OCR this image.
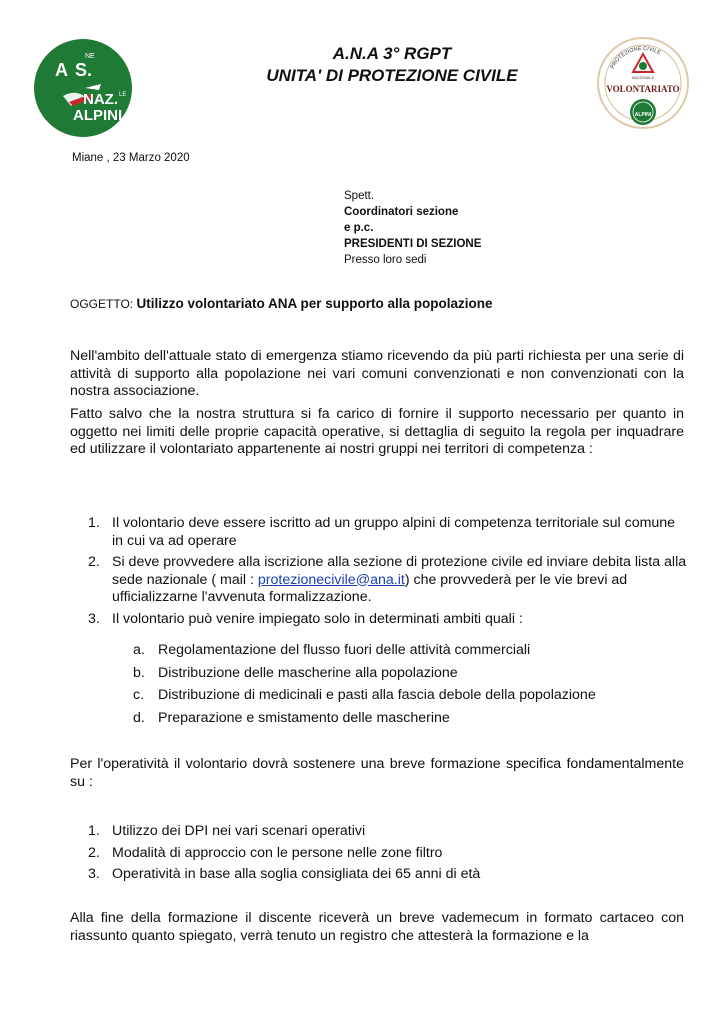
A S.
NE
NAZ. LE
ALPINI
PROTEZIONE CIVILE
VOLONTARIATO
NAZIONALE
ALPINI
A.N.A 3° RGPT
UNITA' DI PROTEZIONE CIVILE
Miane , 23 Marzo 2020
Spett.
Coordinatori sezione
e p.c.
PRESIDENTI DI SEZIONE
Presso loro sedi
OGGETTO: Utilizzo volontariato ANA per supporto alla popolazione
Nell'ambito dell'attuale stato di emergenza stiamo ricevendo da più parti richiesta per una serie di attività di supporto alla popolazione nei vari comuni convenzionati e non convenzionati con la nostra associazione.
Fatto salvo che la nostra struttura si fa carico di fornire il supporto necessario per quanto in oggetto nei limiti delle proprie capacità operative, si dettaglia di seguito la regola per inquadrare ed utilizzare il volontariato appartenente ai nostri gruppi nei territori di competenza :
1. Il volontario deve essere iscritto ad un gruppo alpini di competenza territoriale sul comune in cui va ad operare
2. Si deve provvedere alla iscrizione alla sezione di protezione civile ed inviare debita lista alla sede nazionale ( mail : protezionecivile@ana.it) che provvederà per le vie brevi ad ufficializzarne l'avvenuta formalizzazione.
3. Il volontario può venire impiegato solo in determinati ambiti quali :
a. Regolamentazione del flusso fuori delle attività commerciali
b. Distribuzione delle mascherine alla popolazione
c. Distribuzione di medicinali e pasti alla fascia debole della popolazione
d. Preparazione e smistamento delle mascherine
Per l'operatività il volontario dovrà sostenere una breve formazione specifica fondamentalmente su :
1. Utilizzo dei DPI nei vari scenari operativi
2. Modalità di approccio con le persone nelle zone filtro
3. Operatività in base alla soglia consigliata dei 65 anni di età
Alla fine della formazione il discente riceverà un breve vademecum in formato cartaceo con riassunto quanto spiegato, verrà tenuto un registro che attesterà la formazione e la
